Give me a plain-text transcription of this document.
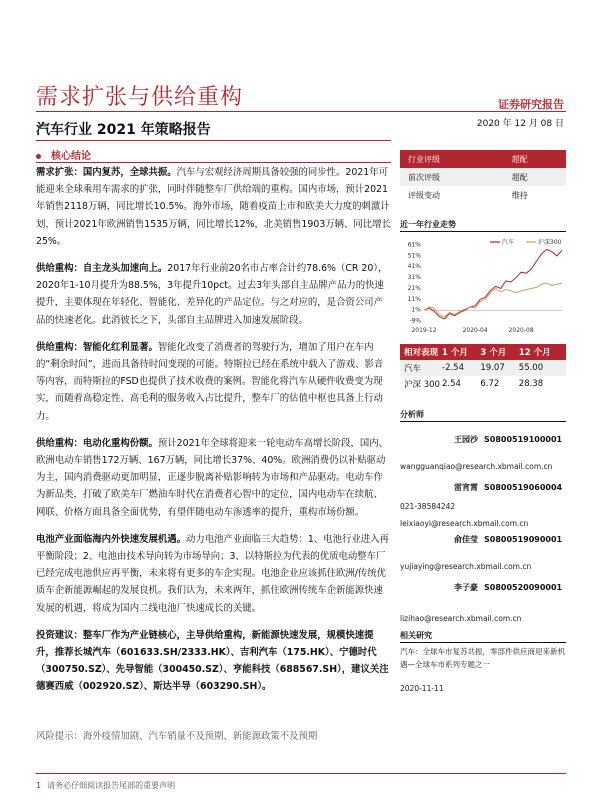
需求扩张与供给重构	证券研究报告
2020 年 12 月 08 日
汽车行业 2021 年策略报告
核心结论
需求扩张：国内复苏，全球共振。汽车与宏观经济周期具备较强的同步性。2021年可能迎来全球乘用车需求的扩张，同时伴随整车厂供给端的重构。国内市场，预计2021年销售2118万辆，同比增长10.5%。海外市场，随着疫苗上市和欧美大力度的刺激计划，预计2021年欧洲销售1535万辆，同比增长12%，北美销售1903万辆、同比增长25%。
供给重构：自主龙头加速向上。2017年行业前20名市占率合计约78.6%（CR 20），2020年1-10月提升为88.5%，3年提升10pct。过去3年头部自主品牌产品力的快速提升，主要体现在年轻化、智能化、差异化的产品定位。与之对应的，是合资公司产品的快速老化。此消彼长之下，头部自主品牌进入加速发展阶段。
供给重构：智能化红利显著。智能化改变了消费者的驾驶行为，增加了用户在车内的“剩余时间”，进而具备待时间变现的可能。特斯拉已经在系统中载入了游戏、影音等内容，而特斯拉的FSD也提供了技术收费的案例。智能化将汽车从硬件收费变为现实，而随着高稳定性、高毛利的服务收入占比提升，整车厂的估值中枢也具备上行动力。
供给重构：电动化重构份额。预计2021年全球将迎来一轮电动车高增长阶段，国内、欧洲电动车销售172万辆、167万辆，同比增长37%、40%。欧洲消费仍以补贴驱动为主，国内消费驱动更加明显，正逐步脱离补贴影响转为市场和产品驱动。电动车作为新品类，打破了欧美车厂燃油车时代在消费者心智中的定位，国内电动车在续航、网联、价格方面具备全面优势，有望伴随电动车渗透率的提升，重构市场份额。
电池产业面临海内外快速发展机遇。动力电池产业面临三大趋势：1、电池行业进入再平衡阶段；2、电池由技术导向转为市场导向；3、以特斯拉为代表的优质电动整车厂已经完成电池供应再平衡，未来将有更多的车企实现。电池企业应该抓住欧洲/传统优质车企新能源崛起的发展良机。我们认为，未来两年，抓住欧洲传统车企新能源快速发展的机遇，将成为国内二线电池厂快速成长的关键。
投资建议：整车厂作为产业链核心，主导供给重构，新能源快速发展，规模快速提升，推荐长城汽车（601633.SH/2333.HK）、吉利汽车（175.HK）、宁德时代（300750.SZ）、先导智能（300450.SZ）、亨能科技（688567.SH），建议关注德赛西威（002920.SZ）、斯达半导（603290.SH）。
风险提示：海外疫情加剧、汽车销量不及预期、新能源政策不及预期
行业评级	超配
前次评级	超配
评级变动	维持
近一年行业走势
61%
51%
41%
31%
21%
11%
1%
-9%
2019-12	2020-04	2020-08
汽车	沪深300
相对表现	1 个月	3 个月	12 个月
汽车	-2.54	19.07	55.00
沪深 300	2.54	6.72	28.38
分析师
王园沙 S0800519100001
wangguanqiao@research.xbmail.com.cn
雷宵霄 S0800519060004
021-38584242
leixiaoyi@research.xbmail.com.cn
俞佳莹 S0800519090001
yujiaying@research.xbmail.com.cn
李子豪 S0800520090001
lizihao@research.xbmail.com.cn
相关研究
汽车：全球车市复苏共振，零部件供应商迎来新机遇—全球车市系列专题之一
2020-11-11
1 请务必仔细阅读报告尾部的重要声明
